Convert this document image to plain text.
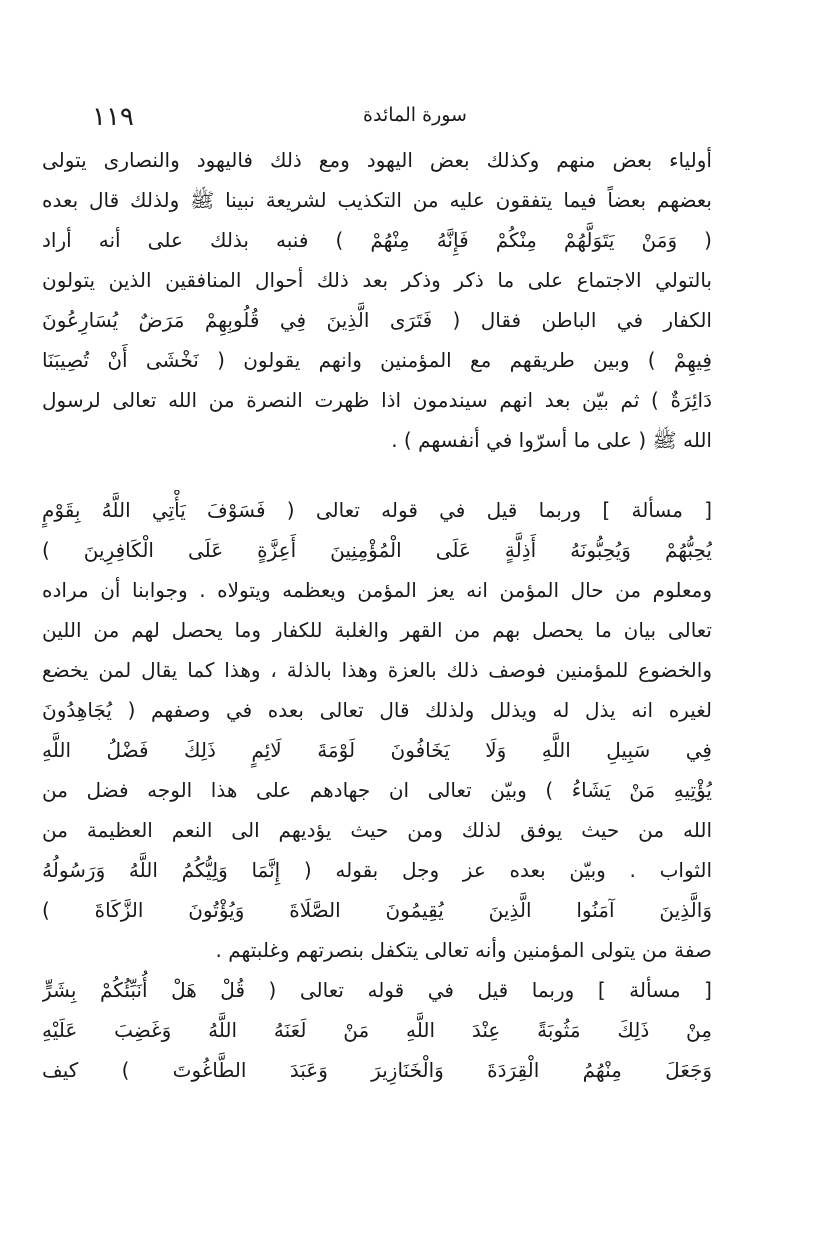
١١٩	سورة المائدة
أولياء بعض منهم وكذلك بعض اليهود ومع ذلك فاليهود والنصارى يتولى
بعضهم بعضاً فيما يتفقون عليه من التكذيب لشريعة نبينا ﷺ ولذلك قال بعده
( وَمَنْ يَتَوَلَّهُمْ مِنْكُمْ فَإِنَّهُ مِنْهُمْ ) فنبه بذلك على أنه أراد
بالتولي الاجتماع على ما ذكر وذكر بعد ذلك أحوال المنافقين الذين يتولون
الكفار في الباطن فقال ( فَتَرَى الَّذِينَ فِي قُلُوبِهِمْ مَرَضٌ يُسَارِعُونَ
فِيهِمْ ) وبين طريقهم مع المؤمنين وانهم يقولون ( نَخْشَى أَنْ تُصِيبَنَا
دَائِرَةٌ ) ثم بيّن بعد انهم سيندمون اذا ظهرت النصرة من الله تعالى لرسول
الله ﷺ ( على ما أسرّوا في أنفسهم ) .
[ مسألة ] وربما قيل في قوله تعالى ( فَسَوْفَ يَأْتِي اللَّهُ بِقَوْمٍ
يُحِبُّهُمْ وَيُحِبُّونَهُ أَذِلَّةٍ عَلَى الْمُؤْمِنِينَ أَعِزَّةٍ عَلَى الْكَافِرِينَ )
ومعلوم من حال المؤمن انه يعز المؤمن ويعظمه ويتولاه . وجوابنا أن مراده
تعالى بيان ما يحصل بهم من القهر والغلبة للكفار وما يحصل لهم من اللين
والخضوع للمؤمنين فوصف ذلك بالعزة وهذا بالذلة ، وهذا كما يقال لمن يخضع
لغيره انه يذل له ويذلل ولذلك قال تعالى بعده في وصفهم ( يُجَاهِدُونَ
فِي سَبِيلِ اللَّهِ وَلَا يَخَافُونَ لَوْمَةَ لَائِمٍ ذَلِكَ فَضْلُ اللَّهِ
يُؤْتِيهِ مَنْ يَشَاءُ ) وبيّن تعالى ان جهادهم على هذا الوجه فضل من
الله من حيث يوفق لذلك ومن حيث يؤديهم الى النعم العظيمة من
الثواب . وبيّن بعده عز وجل بقوله ( إِنَّمَا وَلِيُّكُمُ اللَّهُ وَرَسُولُهُ
وَالَّذِينَ آمَنُوا الَّذِينَ يُقِيمُونَ الصَّلَاةَ وَيُؤْتُونَ الزَّكَاةَ )
صفة من يتولى المؤمنين وأنه تعالى يتكفل بنصرتهم وغلبتهم .
[ مسألة ] وربما قيل في قوله تعالى ( قُلْ هَلْ أُنَبِّئُكُمْ بِشَرٍّ
مِنْ ذَلِكَ مَثُوبَةً عِنْدَ اللَّهِ مَنْ لَعَنَهُ اللَّهُ وَغَضِبَ عَلَيْهِ
وَجَعَلَ مِنْهُمُ الْقِرَدَةَ وَالْخَنَازِيرَ وَعَبَدَ الطَّاغُوتَ ) كيف
